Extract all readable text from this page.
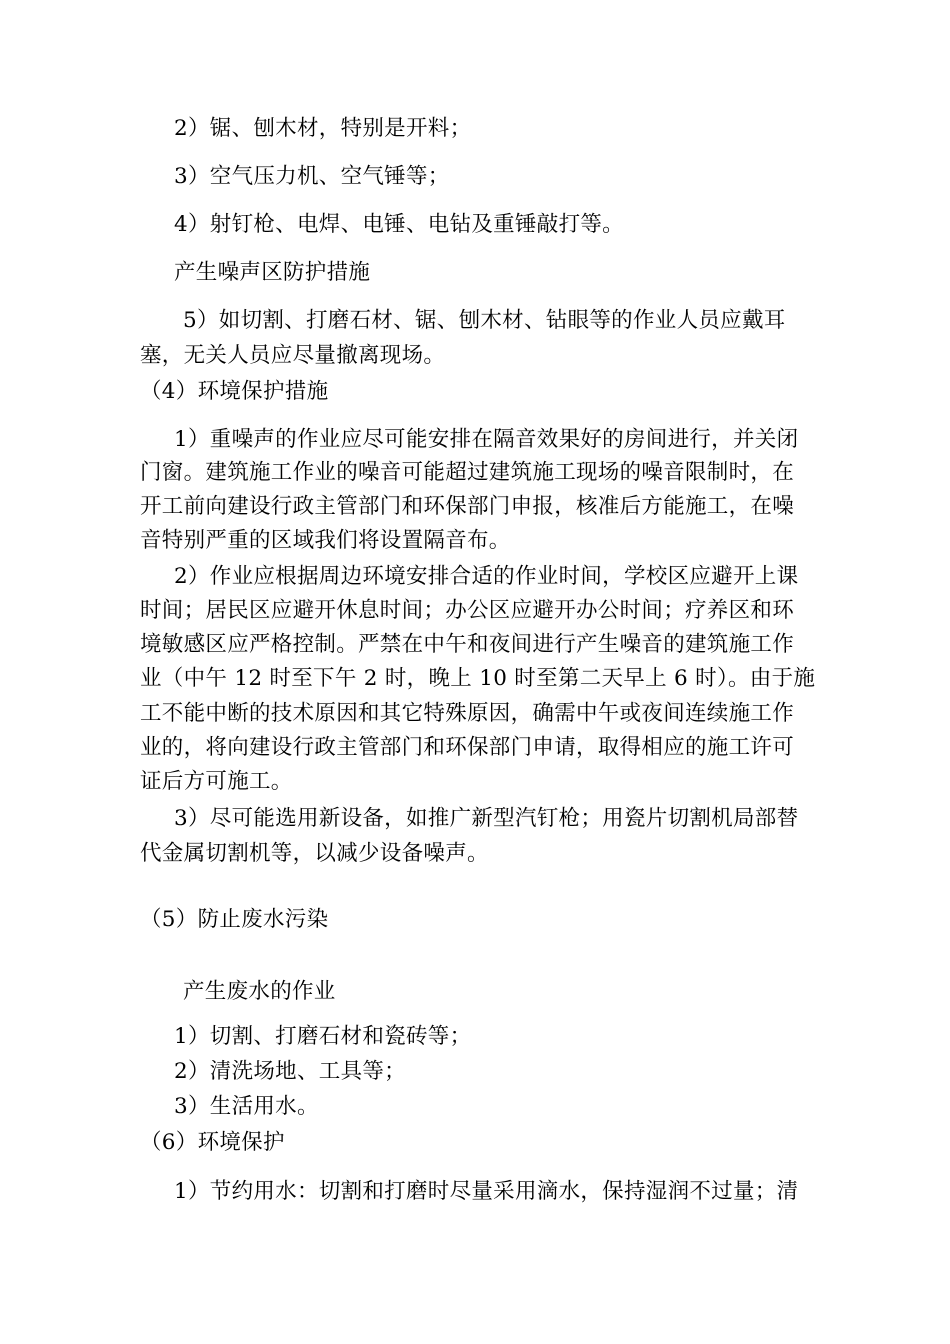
2）锯、刨木材，特别是开料；
3）空气压力机、空气锤等；
4）射钉枪、电焊、电锤、电钻及重锤敲打等。
产生噪声区防护措施
5）如切割、打磨石材、锯、刨木材、钻眼等的作业人员应戴耳
塞，无关人员应尽量撤离现场。
（4）环境保护措施
1）重噪声的作业应尽可能安排在隔音效果好的房间进行，并关闭
门窗。建筑施工作业的噪音可能超过建筑施工现场的噪音限制时，在
开工前向建设行政主管部门和环保部门申报，核准后方能施工，在噪
音特别严重的区域我们将设置隔音布。
2）作业应根据周边环境安排合适的作业时间，学校区应避开上课
时间；居民区应避开休息时间；办公区应避开办公时间；疗养区和环
境敏感区应严格控制。严禁在中午和夜间进行产生噪音的建筑施工作
业（中午 12 时至下午 2 时，晚上 10 时至第二天早上 6 时）。由于施
工不能中断的技术原因和其它特殊原因，确需中午或夜间连续施工作
业的，将向建设行政主管部门和环保部门申请，取得相应的施工许可
证后方可施工。
3）尽可能选用新设备，如推广新型汽钉枪；用瓷片切割机局部替
代金属切割机等，以减少设备噪声。
（5）防止废水污染
产生废水的作业
1）切割、打磨石材和瓷砖等；
2）清洗场地、工具等；
3）生活用水。
（6）环境保护
1）节约用水：切割和打磨时尽量采用滴水，保持湿润不过量；清
